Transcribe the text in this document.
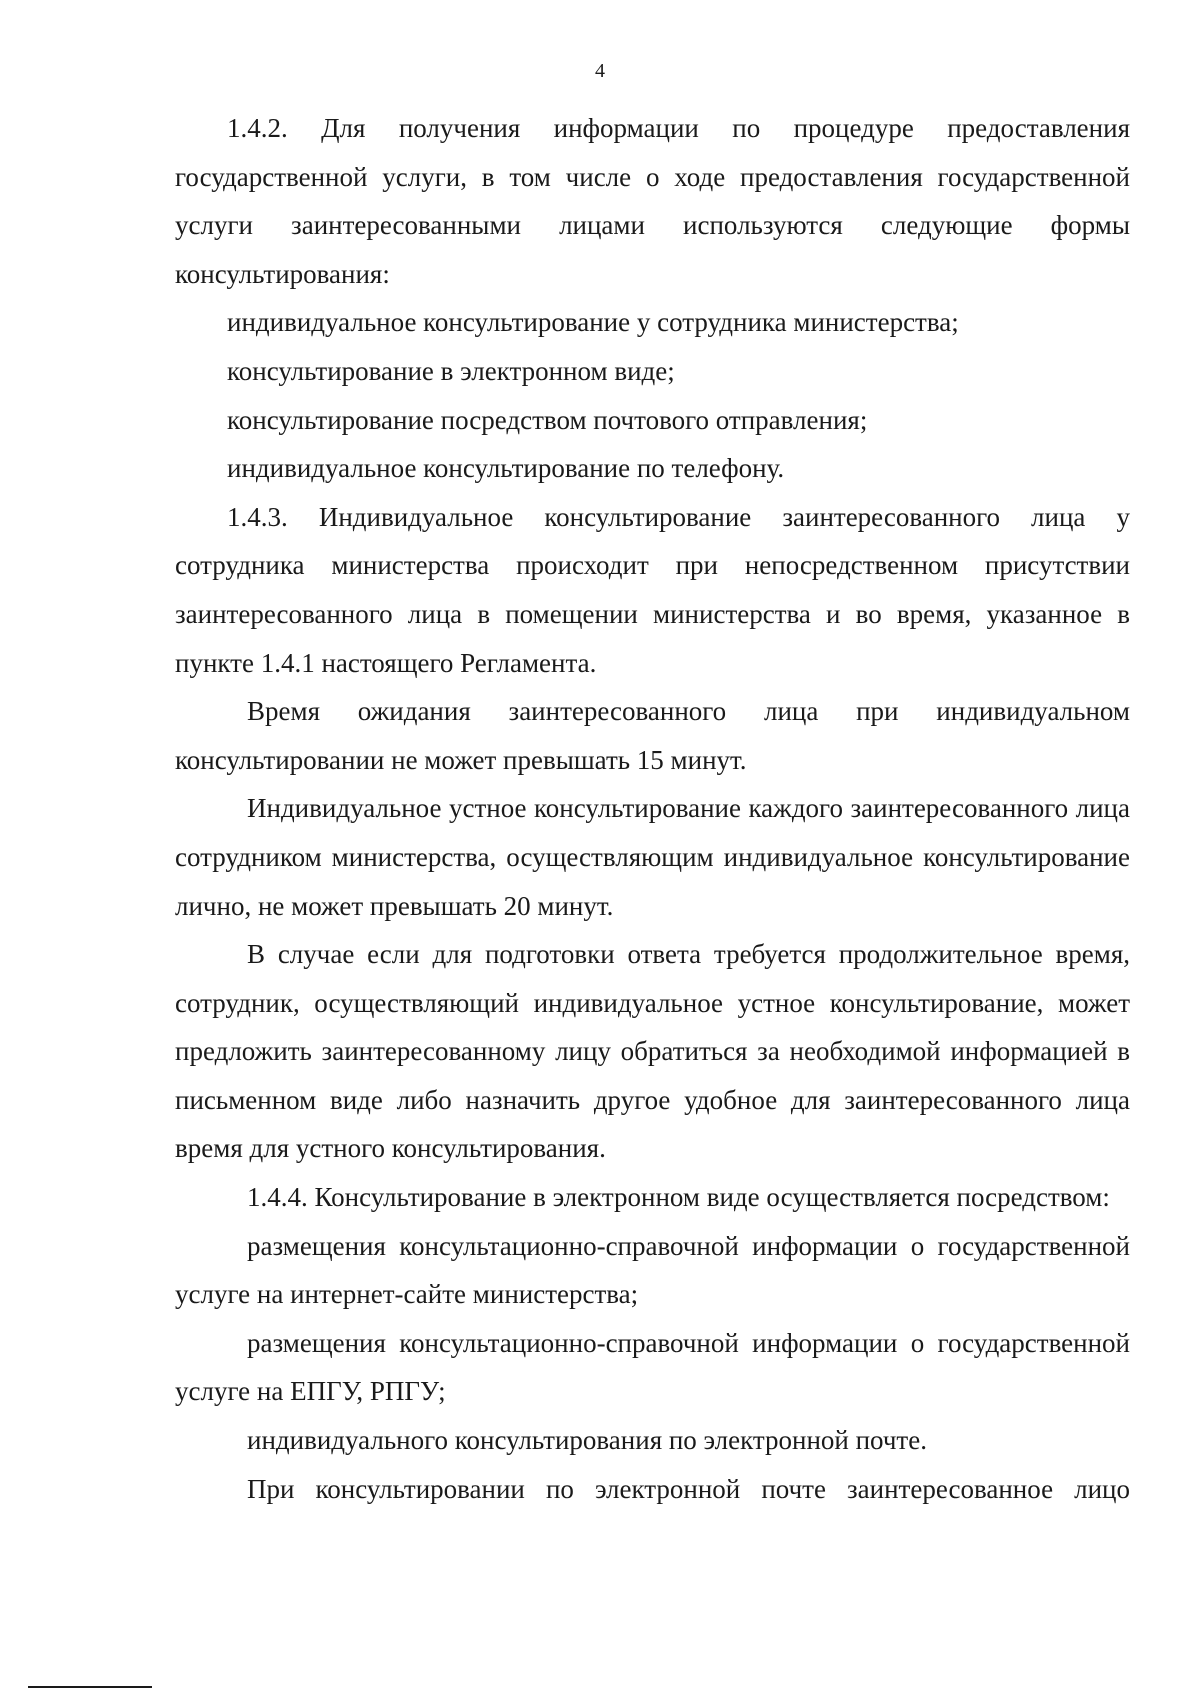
4

1.4.2. Для получения информации по процедуре предоставления государственной услуги, в том числе о ходе предоставления государственной услуги заинтересованными лицами используются следующие формы консультирования:

индивидуальное консультирование у сотрудника министерства;

консультирование в электронном виде;

консультирование посредством почтового отправления;

индивидуальное консультирование по телефону.

1.4.3. Индивидуальное консультирование заинтересованного лица у сотрудника министерства происходит при непосредственном присутствии заинтересованного лица в помещении министерства и во время, указанное в пункте 1.4.1 настоящего Регламента.

Время ожидания заинтересованного лица при индивидуальном консультировании не может превышать 15 минут.

Индивидуальное устное консультирование каждого заинтересованного лица сотрудником министерства, осуществляющим индивидуальное консультирование лично, не может превышать 20 минут.

В случае если для подготовки ответа требуется продолжительное время, сотрудник, осуществляющий индивидуальное устное консультирование, может предложить заинтересованному лицу обратиться за необходимой информацией в письменном виде либо назначить другое удобное для заинтересованного лица время для устного консультирования.

1.4.4. Консультирование в электронном виде осуществляется посредством:

размещения консультационно-справочной информации о государственной услуге на интернет-сайте министерства;

размещения консультационно-справочной информации о государственной услуге на ЕПГУ, РПГУ;

индивидуального консультирования по электронной почте.

При консультировании по электронной почте заинтересованное лицо
